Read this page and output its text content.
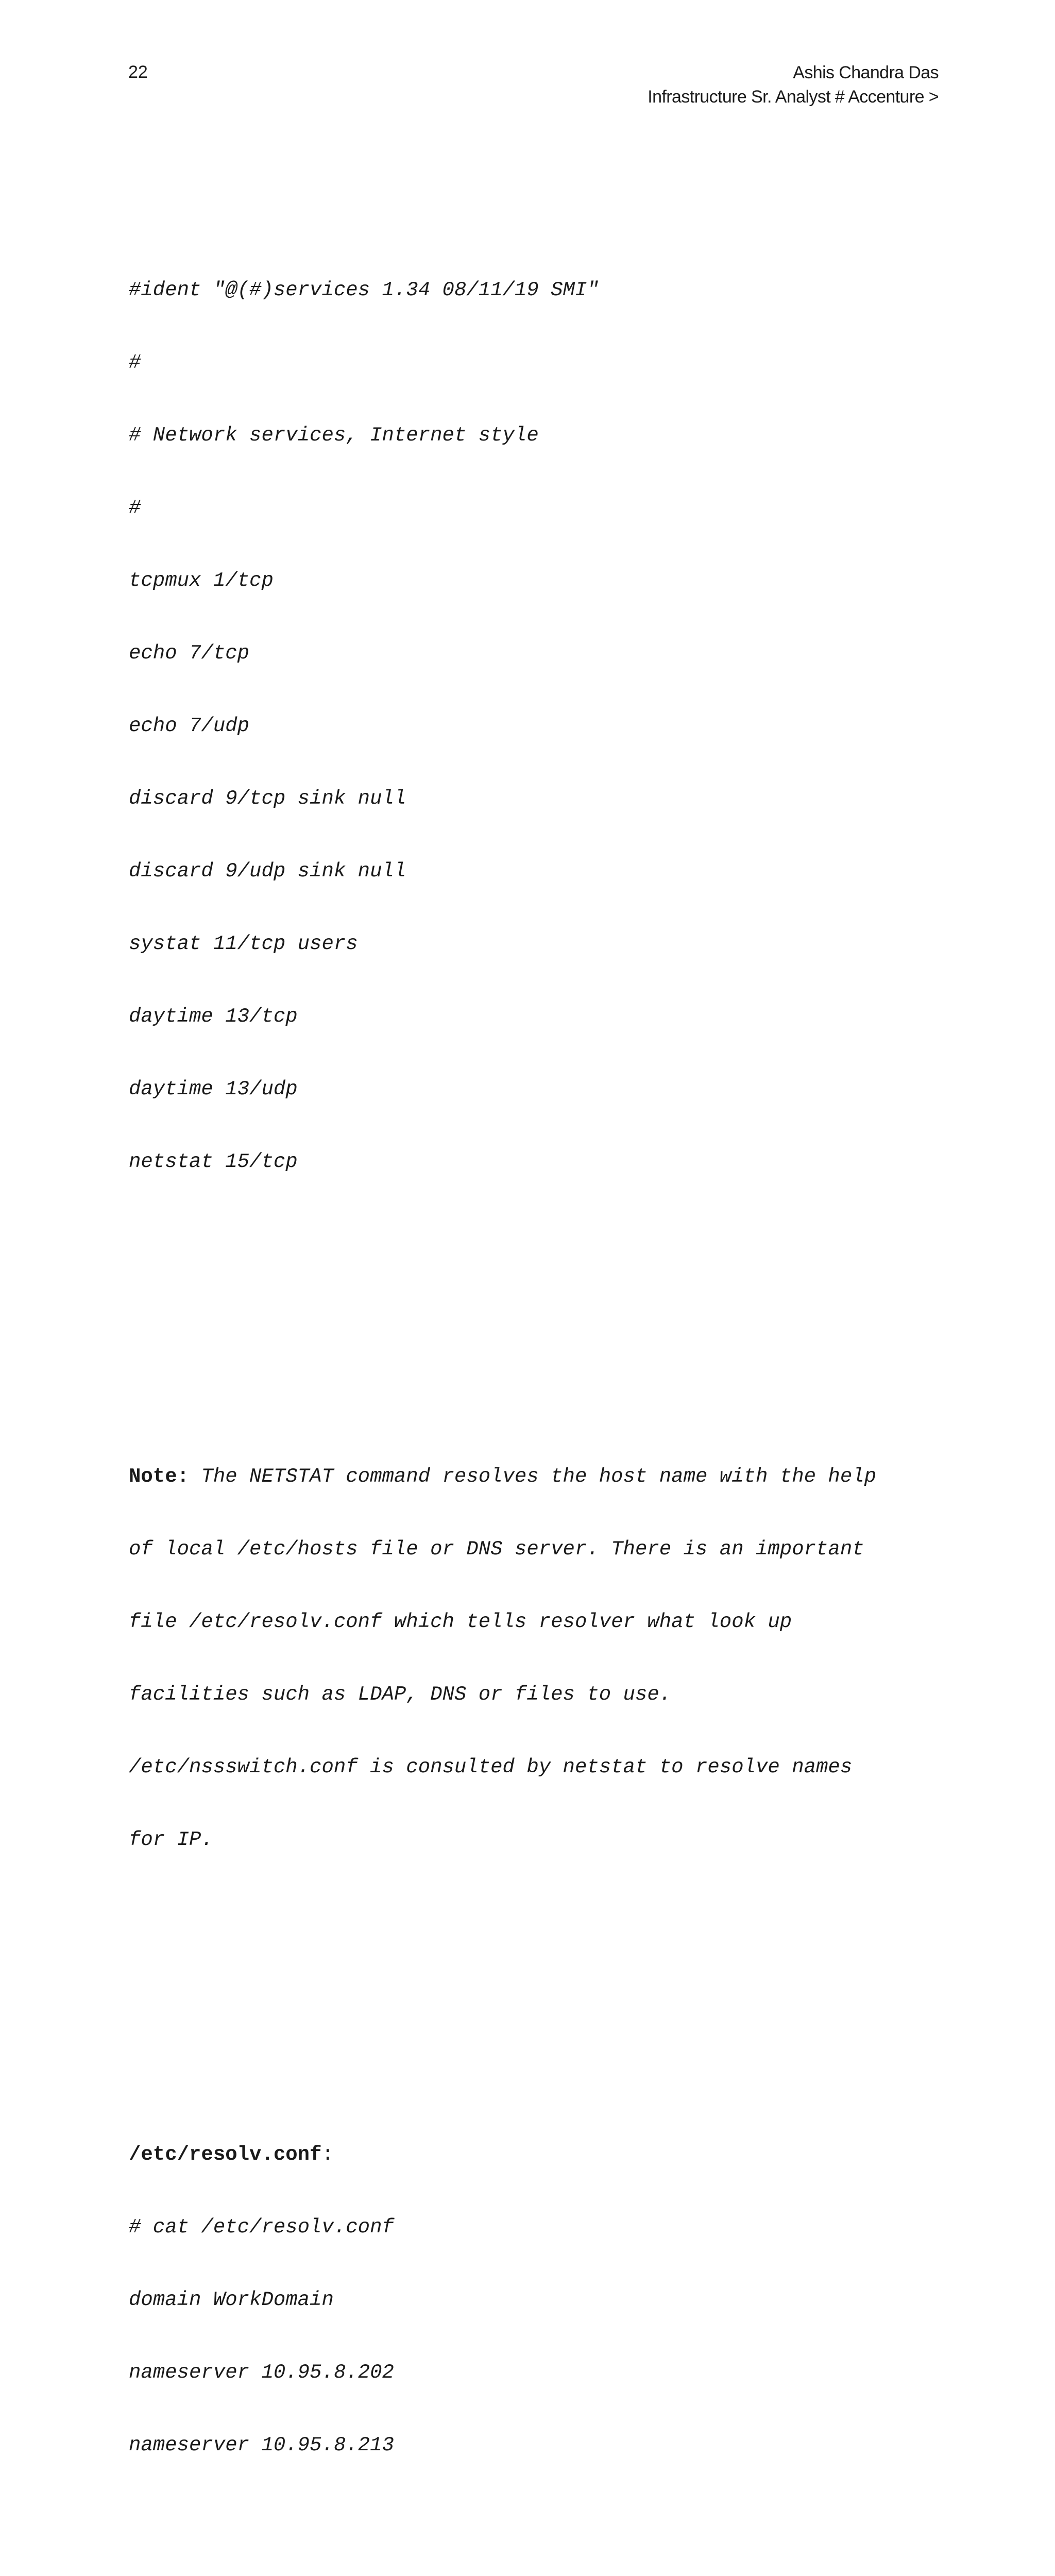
22	Ashis Chandra Das
Infrastructure Sr. Analyst # Accenture >

#ident "@(#)services 1.34 08/11/19 SMI"

#

# Network services, Internet style

#

tcpmux 1/tcp

echo 7/tcp

echo 7/udp

discard 9/tcp sink null

discard 9/udp sink null

systat 11/tcp users

daytime 13/tcp

daytime 13/udp

netstat 15/tcp

Note: The NETSTAT command resolves the host name with the help

of local /etc/hosts file or DNS server. There is an important

file /etc/resolv.conf which tells resolver what look up

facilities such as LDAP, DNS or files to use.

/etc/nssswitch.conf is consulted by netstat to resolve names

for IP.

/etc/resolv.conf:

# cat /etc/resolv.conf

domain WorkDomain

nameserver 10.95.8.202

nameserver 10.95.8.213
